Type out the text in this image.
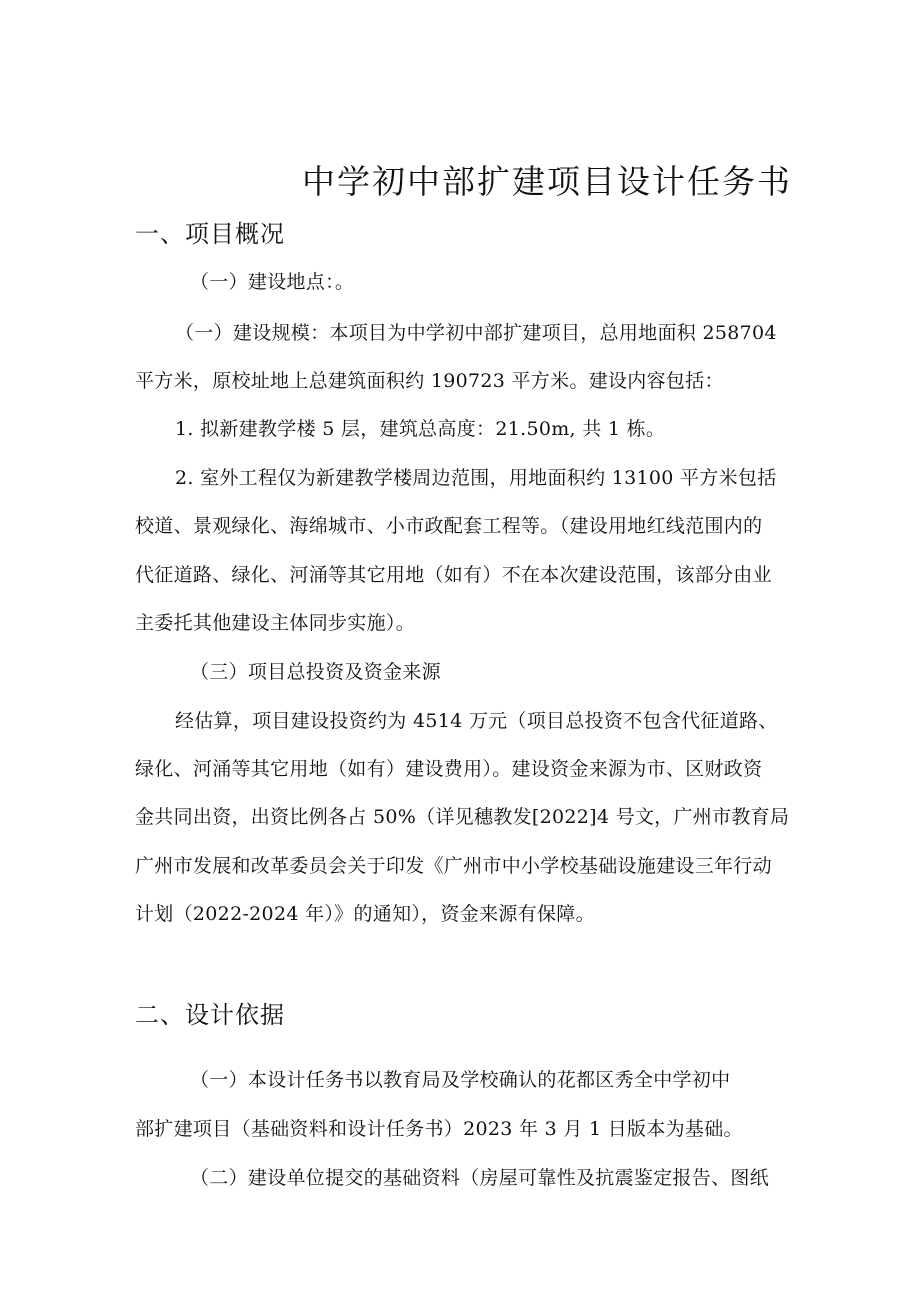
中学初中部扩建项目设计任务书
一、项目概况
（一）建设地点：。
（一）建设规模：本项目为中学初中部扩建项目，总用地面积 258704
平方米，原校址地上总建筑面积约 190723 平方米。建设内容包括：
1. 拟新建教学楼 5 层，建筑总高度：21.50m, 共 1 栋。
2. 室外工程仅为新建教学楼周边范围，用地面积约 13100 平方米包括
校道、景观绿化、海绵城市、小市政配套工程等。（建设用地红线范围内的
代征道路、绿化、河涌等其它用地（如有）不在本次建设范围，该部分由业
主委托其他建设主体同步实施）。
（三）项目总投资及资金来源
经估算，项目建设投资约为 4514 万元（项目总投资不包含代征道路、
绿化、河涌等其它用地（如有）建设费用）。建设资金来源为市、区财政资
金共同出资，出资比例各占 50%（详见穗教发[2022]4 号文，广州市教育局
广州市发展和改革委员会关于印发《广州市中小学校基础设施建设三年行动
计划（2022-2024 年）》的通知），资金来源有保障。
二、设计依据
（一）本设计任务书以教育局及学校确认的花都区秀全中学初中
部扩建项目（基础资料和设计任务书）2023 年 3 月 1 日版本为基础。
（二）建设单位提交的基础资料（房屋可靠性及抗震鉴定报告、图纸
